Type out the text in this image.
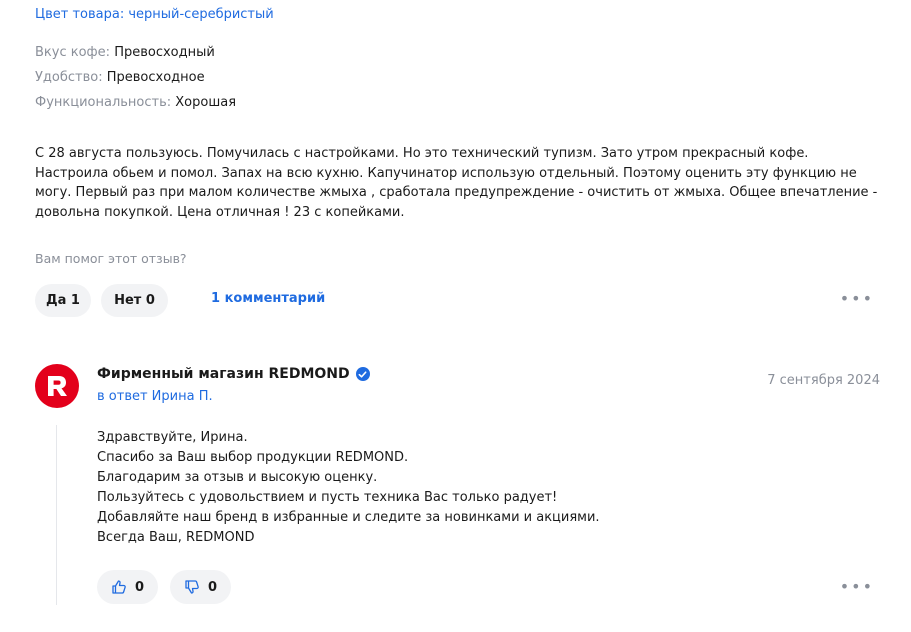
Цвет товара: черный-серебристый
Вкус кофе: Превосходный
Удобство: Превосходное
Функциональность: Хорошая
С 28 августа пользуюсь. Помучилась с настройками. Но это технический тупизм. Зато утром прекрасный кофе. Настроила обьем и помол. Запах на всю кухню. Капучинатор использую отдельный. Поэтому оценить эту функцию не могу. Первый раз при малом количестве жмыха , сработала предупреждение - очистить от жмыха. Общее впечатление - довольна покупкой. Цена отличная ! 23 с копейками.
Вам помог этот отзыв?
Да 1	Нет 0	1 комментарий	•••
Фирменный магазин REDMOND
в ответ Ирина П.
7 сентября 2024
Здравствуйте, Ирина.
Спасибо за Ваш выбор продукции REDMOND.
Благодарим за отзыв и высокую оценку.
Пользуйтесь с удовольствием и пусть техника Вас только радует!
Добавляйте наш бренд в избранные и следите за новинками и акциями.
Всегда Ваш, REDMOND
0	0	•••
